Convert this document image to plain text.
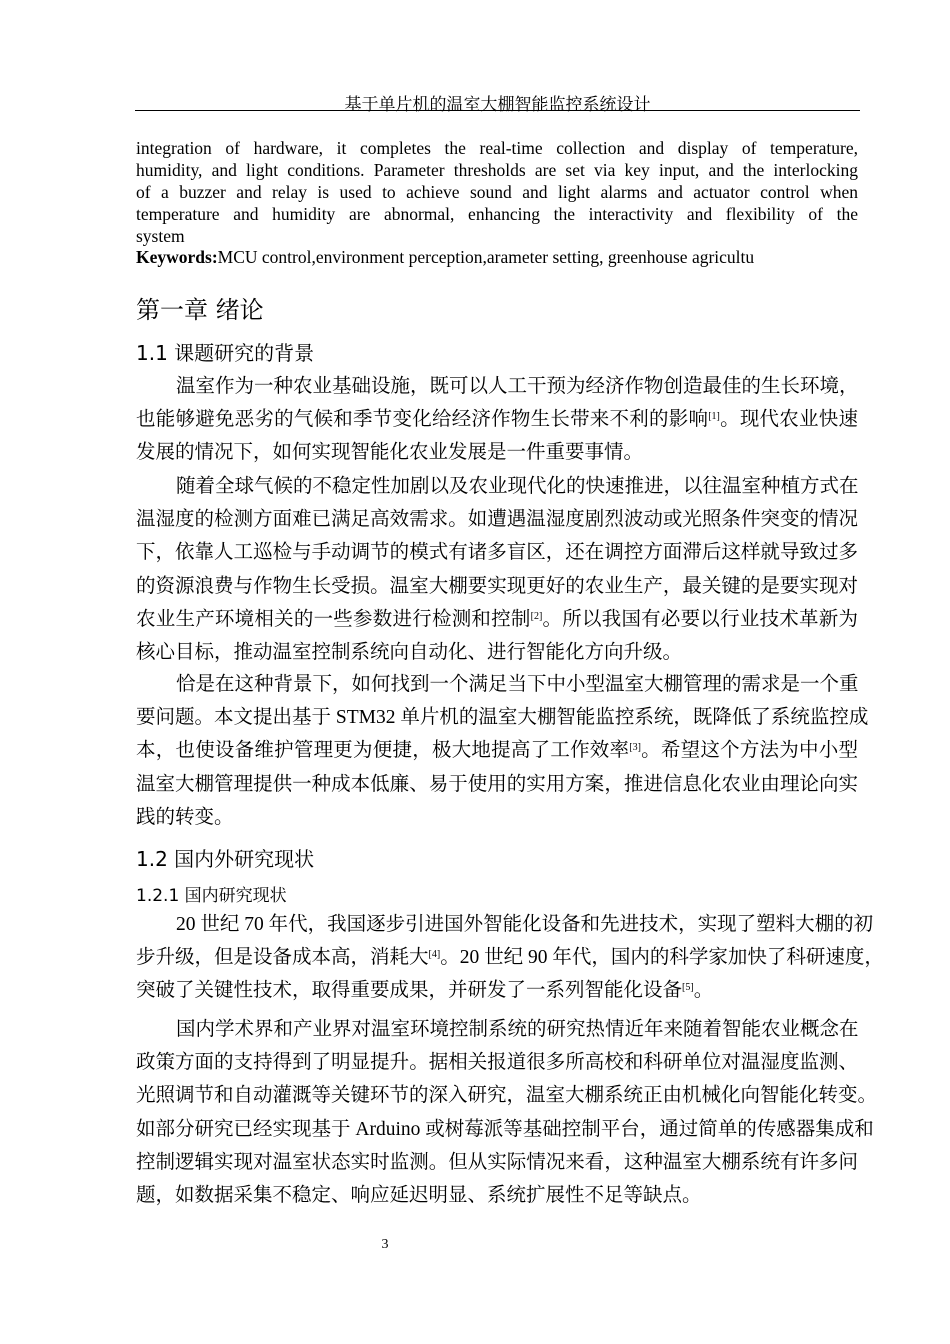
基于单片机的温室大棚智能监控系统设计
integration of hardware, it completes the real-time collection and display of temperature,
humidity, and light conditions. Parameter thresholds are set via key input, and the interlocking
of a buzzer and relay is used to achieve sound and light alarms and actuator control when
temperature and humidity are abnormal, enhancing the interactivity and flexibility of the
system
Keywords:MCU control,environment perception,arameter setting, greenhouse agricultu
第一章 绪论
1.1 课题研究的背景
温室作为一种农业基础设施，既可以人工干预为经济作物创造最佳的生长环境，
也能够避免恶劣的气候和季节变化给经济作物生长带来不利的影响[1]。现代农业快速
发展的情况下，如何实现智能化农业发展是一件重要事情。
随着全球气候的不稳定性加剧以及农业现代化的快速推进，以往温室种植方式在
温湿度的检测方面难已满足高效需求。如遭遇温湿度剧烈波动或光照条件突变的情况
下，依靠人工巡检与手动调节的模式有诸多盲区，还在调控方面滞后这样就导致过多
的资源浪费与作物生长受损。温室大棚要实现更好的农业生产，最关键的是要实现对
农业生产环境相关的一些参数进行检测和控制[2]。所以我国有必要以行业技术革新为
核心目标，推动温室控制系统向自动化、进行智能化方向升级。
恰是在这种背景下，如何找到一个满足当下中小型温室大棚管理的需求是一个重
要问题。本文提出基于 STM32 单片机的温室大棚智能监控系统，既降低了系统监控成
本，也使设备维护管理更为便捷，极大地提高了工作效率[3]。希望这个方法为中小型
温室大棚管理提供一种成本低廉、易于使用的实用方案，推进信息化农业由理论向实
践的转变。
1.2 国内外研究现状
1.2.1 国内研究现状
20 世纪 70 年代，我国逐步引进国外智能化设备和先进技术，实现了塑料大棚的初
步升级，但是设备成本高，消耗大[4]。20 世纪 90 年代，国内的科学家加快了科研速度，
突破了关键性技术，取得重要成果，并研发了一系列智能化设备[5]。
国内学术界和产业界对温室环境控制系统的研究热情近年来随着智能农业概念在
政策方面的支持得到了明显提升。据相关报道很多所高校和科研单位对温湿度监测、
光照调节和自动灌溉等关键环节的深入研究，温室大棚系统正由机械化向智能化转变。
如部分研究已经实现基于 Arduino 或树莓派等基础控制平台，通过简单的传感器集成和
控制逻辑实现对温室状态实时监测。但从实际情况来看，这种温室大棚系统有许多问
题，如数据采集不稳定、响应延迟明显、系统扩展性不足等缺点。
3
